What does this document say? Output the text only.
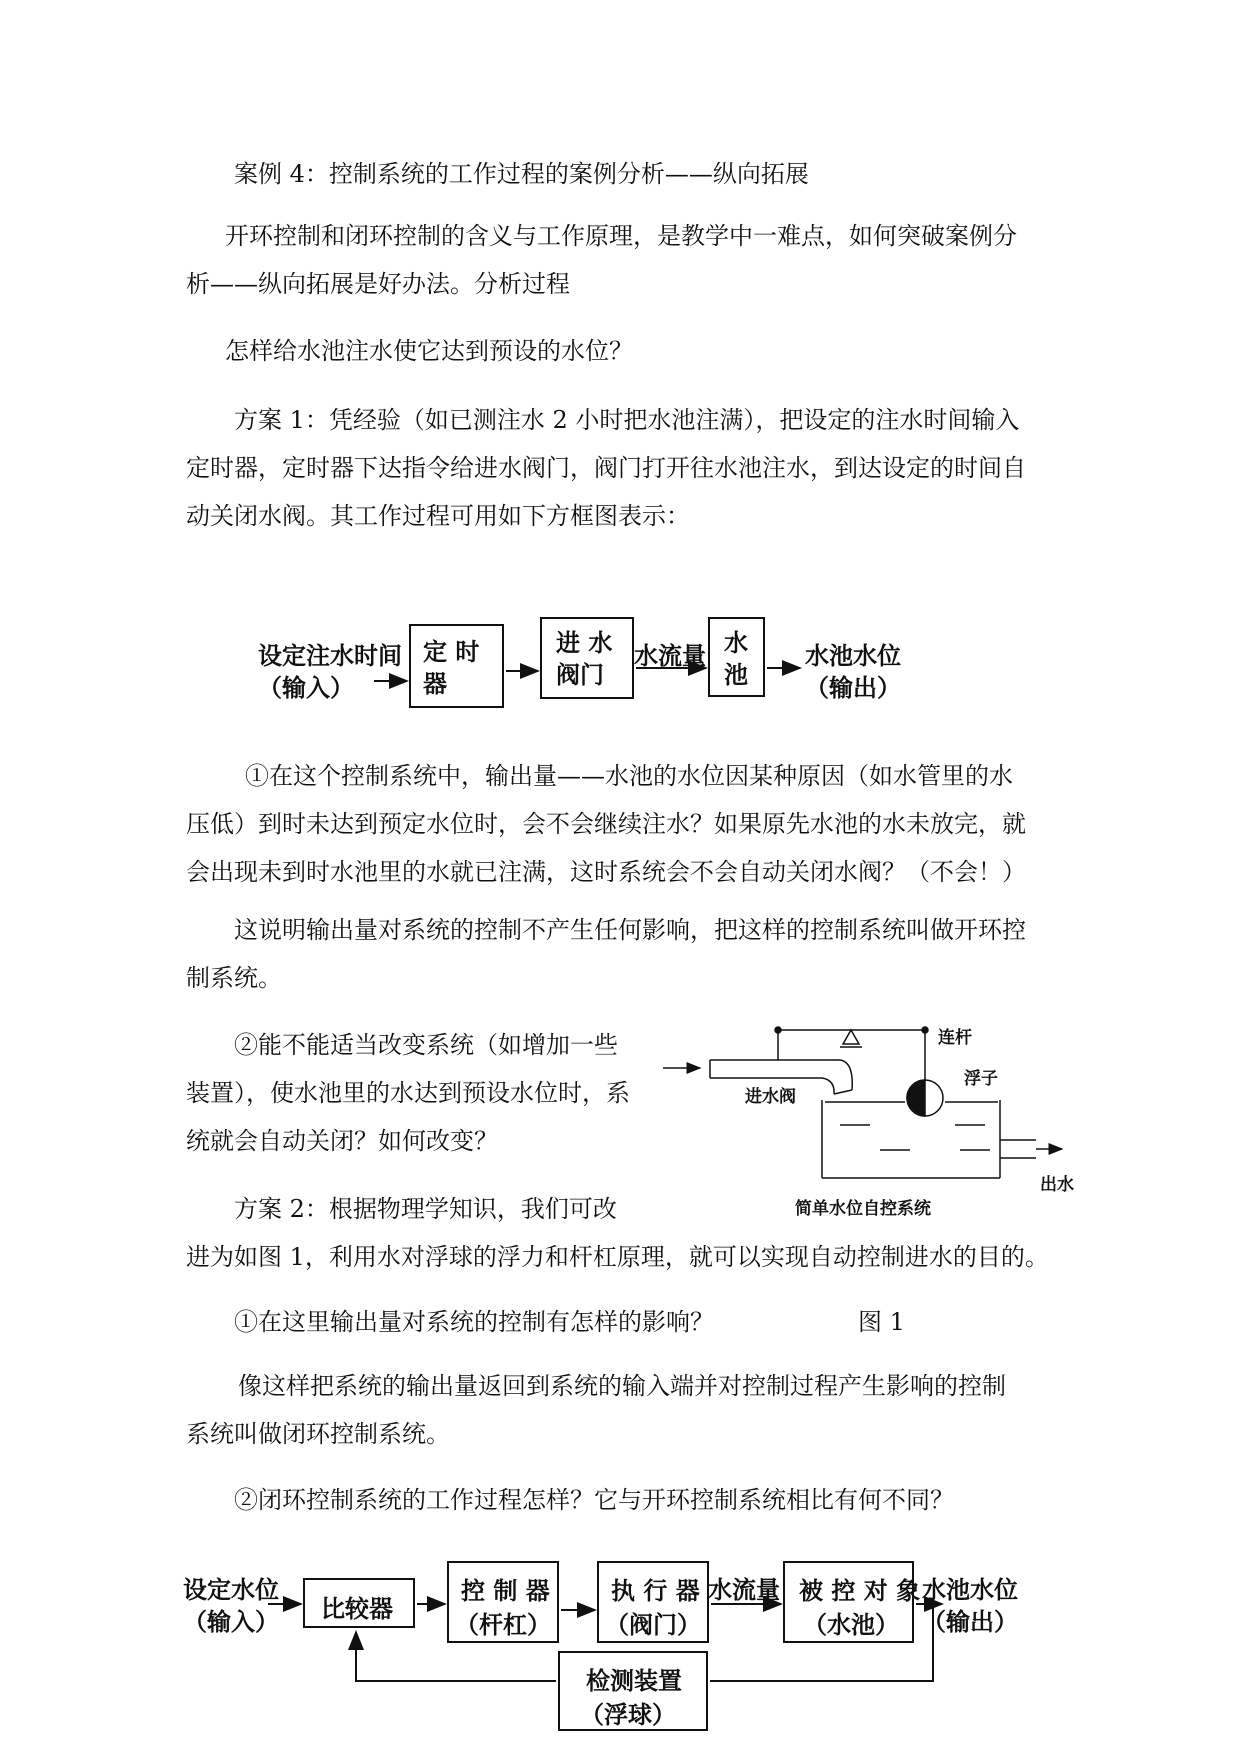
案例 4：控制系统的工作过程的案例分析——纵向拓展

开环控制和闭环控制的含义与工作原理，是教学中一难点，如何突破案例分

析——纵向拓展是好办法。分析过程

怎样给水池注水使它达到预设的水位？

方案 1：凭经验（如已测注水 2 小时把水池注满），把设定的注水时间输入

定时器，定时器下达指令给进水阀门，阀门打开往水池注水，到达设定的时间自

动关闭水阀。其工作过程可用如下方框图表示：

设定注水时间
（输入）
定 时
器
进 水
阀门
水流量 水
池
水池水位
（输出）

①在这个控制系统中，输出量——水池的水位因某种原因（如水管里的水

压低）到时未达到预定水位时，会不会继续注水？如果原先水池的水未放完，就

会出现未到时水池里的水就已注满，这时系统会不会自动关闭水阀？（不会！）

这说明输出量对系统的控制不产生任何影响，把这样的控制系统叫做开环控

制系统。

②能不能适当改变系统（如增加一些

装置），使水池里的水达到预设水位时，系

统就会自动关闭？如何改变？

连杆
浮子
进水阀
出水
简单水位自控系统

方案 2：根据物理学知识，我们可改

进为如图 1，利用水对浮球的浮力和杆杠原理，就可以实现自动控制进水的目的。

①在这里输出量对系统的控制有怎样的影响？	图 1

像这样把系统的输出量返回到系统的输入端并对控制过程产生影响的控制

系统叫做闭环控制系统。

②闭环控制系统的工作过程怎样？它与开环控制系统相比有何不同？

设定水位
（输入） 比较器
控 制 器
（杆杠）
执 行 器
（阀门）
水流量 被 控 对 象
（水池）
水池水位
（输出）
检测装置
（浮球）
